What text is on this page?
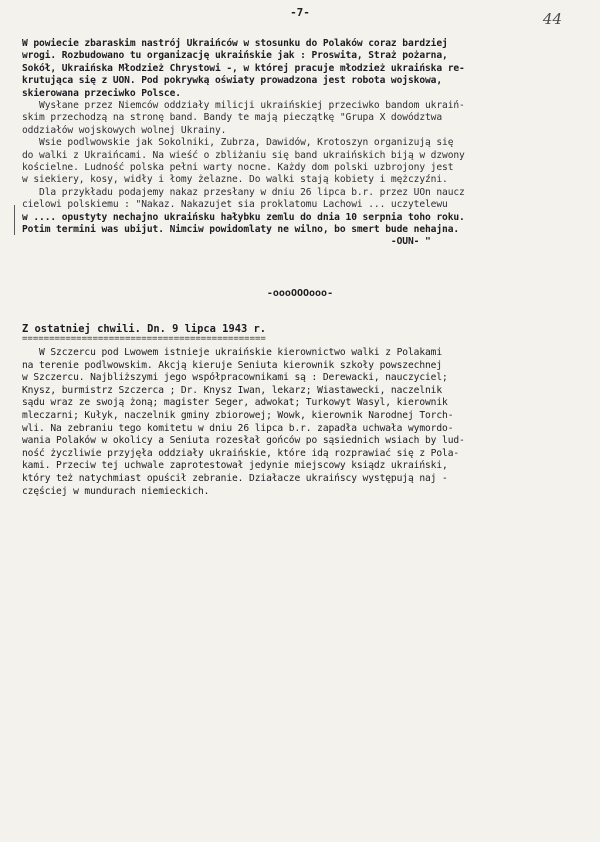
-7-	44
W powiecie zbaraskim nastrój Ukraińców w stosunku do Polaków coraz bardziej
wrogi. Rozbudowano tu organizację ukraińskie jak : Proswita, Straż pożarna,
Sokół, Ukraińska Młodzież Chrystowi -, w której pracuje młodzież ukraińska re-
krutująca się z UON. Pod pokrywką oświaty prowadzona jest robota wojskowa,
skierowana przeciwko Polsce.
Wysłane przez Niemców oddziały milicji ukraińskiej przeciwko bandom ukraiń-
skim przechodzą na stronę band. Bandy te mają pieczątkę "Grupa X dowództwa
oddziałów wojskowych wolnej Ukrainy.
Wsie podlwowskie jak Sokolniki, Zubrza, Dawidów, Krotoszyn organizują się
do walki z Ukraińcami. Na wieść o zbliżaniu się band ukraińskich biją w dzwony
kościelne. Ludność polska pełni warty nocne. Każdy dom polski uzbrojony jest
w siekiery, kosy, widły i łomy żelazne. Do walki stają kobiety i mężczyźni.
Dla przykładu podajemy nakaz przesłany w dniu 26 lipca b.r. przez UOn naucz
cielowi polskiemu : "Nakaz. Nakazujet sia proklatomu Lachowi ... uczytelewu
w .... opustyty nechajno ukraińsku hałybku zemlu do dnia 10 serpnia toho roku.
Potim termini was ubijut. Nimciw powidomlaty ne wilno, bo smert bude nehajna.
-OUN- "
-oooOOOooo-
Z ostatniej chwili. Dn. 9 lipca 1943 r.
=============================================
W Szczercu pod Lwowem istnieje ukraińskie kierownictwo walki z Polakami
na terenie podlwowskim. Akcją kieruje Seniuta kierownik szkoły powszechnej
w Szczercu. Najbliższymi jego współpracownikami są : Derewacki, nauczyciel;
Knysz, burmistrz Szczerca ; Dr. Knysz Iwan, lekarz; Wiastawecki, naczelnik
sądu wraz ze swoją żoną; magister Seger, adwokat; Turkowyt Wasyl, kierownik
mleczarni; Kułyk, naczelnik gminy zbiorowej; Wowk, kierownik Narodnej Torch-
wli. Na zebraniu tego komitetu w dniu 26 lipca b.r. zapadła uchwała wymordo-
wania Polaków w okolicy a Seniuta rozesłał gońców po sąsiednich wsiach by lud-
ność życzliwie przyjęła oddziały ukraińskie, które idą rozprawiać się z Pola-
kami. Przeciw tej uchwale zaprotestował jedynie miejscowy ksiądz ukraiński,
który też natychmiast opuścił zebranie. Działacze ukraińscy występują naj -
częściej w mundurach niemieckich.
